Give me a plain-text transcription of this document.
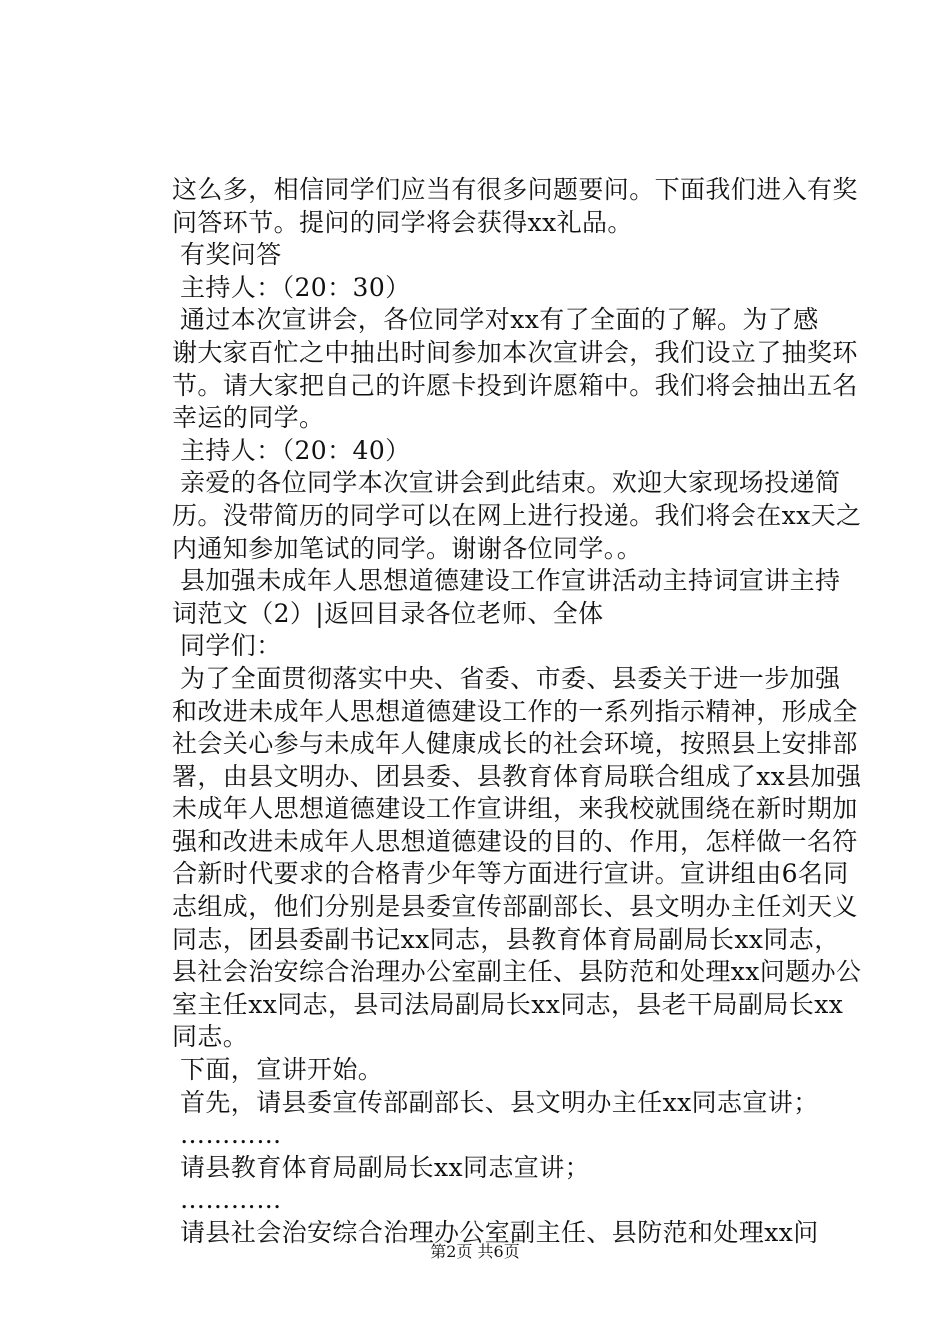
这么多，相信同学们应当有很多问题要问。下面我们进入有奖
问答环节。提问的同学将会获得xx礼品。
有奖问答
主持人：（20：30）
通过本次宣讲会，各位同学对xx有了全面的了解。为了感
谢大家百忙之中抽出时间参加本次宣讲会，我们设立了抽奖环
节。请大家把自己的许愿卡投到许愿箱中。我们将会抽出五名
幸运的同学。
主持人：（20：40）
亲爱的各位同学本次宣讲会到此结束。欢迎大家现场投递简
历。没带简历的同学可以在网上进行投递。我们将会在xx天之
内通知参加笔试的同学。谢谢各位同学。。
县加强未成年人思想道德建设工作宣讲活动主持词宣讲主持
词范文（2）|返回目录各位老师、全体
同学们：
为了全面贯彻落实中央、省委、市委、县委关于进一步加强
和改进未成年人思想道德建设工作的一系列指示精神，形成全
社会关心参与未成年人健康成长的社会环境，按照县上安排部
署，由县文明办、团县委、县教育体育局联合组成了xx县加强
未成年人思想道德建设工作宣讲组，来我校就围绕在新时期加
强和改进未成年人思想道德建设的目的、作用，怎样做一名符
合新时代要求的合格青少年等方面进行宣讲。宣讲组由6名同
志组成，他们分别是县委宣传部副部长、县文明办主任刘天义
同志，团县委副书记xx同志，县教育体育局副局长xx同志，
县社会治安综合治理办公室副主任、县防范和处理xx问题办公
室主任xx同志，县司法局副局长xx同志，县老干局副局长xx
同志。
下面，宣讲开始。
首先，请县委宣传部副部长、县文明办主任xx同志宣讲；
…………
请县教育体育局副局长xx同志宣讲；
…………
请县社会治安综合治理办公室副主任、县防范和处理xx问
第2页 共6页
